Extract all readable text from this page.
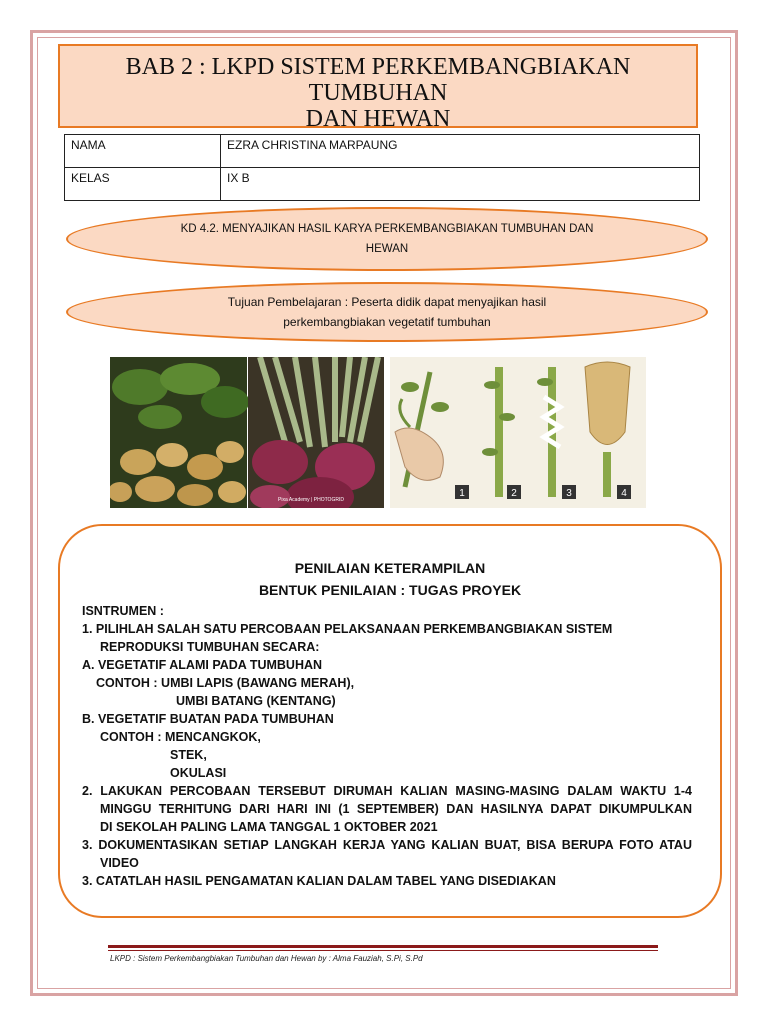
BAB 2 : LKPD SISTEM PERKEMBANGBIAKAN
TUMBUHAN
DAN HEWAN
NAMA	EZRA CHRISTINA MARPAUNG
KELAS	IX B
KD 4.2. MENYAJIKAN HASIL KARYA PERKEMBANGBIAKAN TUMBUHAN DAN
HEWAN
Tujuan Pembelajaran : Peserta didik dapat menyajikan hasil
perkembangbiakan vegetatif tumbuhan
Pixa Academy | PHOTOGRID
1	2	3	4
PENILAIAN KETERAMPILAN
BENTUK PENILAIAN : TUGAS PROYEK
ISNTRUMEN :
1. PILIHLAH SALAH SATU PERCOBAAN PELAKSANAAN PERKEMBANGBIAKAN SISTEM
REPRODUKSI TUMBUHAN SECARA:
A. VEGETATIF ALAMI PADA TUMBUHAN
CONTOH : UMBI LAPIS (BAWANG MERAH),
UMBI BATANG (KENTANG)
B. VEGETATIF BUATAN PADA TUMBUHAN
CONTOH : MENCANGKOK,
STEK,
OKULASI
2. LAKUKAN PERCOBAAN TERSEBUT DIRUMAH KALIAN MASING-MASING DALAM WAKTU 1-4
MINGGU TERHITUNG DARI HARI INI (1 SEPTEMBER) DAN HASILNYA DAPAT DIKUMPULKAN
DI SEKOLAH PALING LAMA TANGGAL 1 OKTOBER 2021
3. DOKUMENTASIKAN SETIAP LANGKAH KERJA YANG KALIAN BUAT, BISA BERUPA FOTO ATAU
VIDEO
3. CATATLAH HASIL PENGAMATAN KALIAN DALAM TABEL YANG DISEDIAKAN
LKPD : Sistem Perkembangbiakan Tumbuhan dan Hewan by : Alma Fauziah, S.Pi, S.Pd
